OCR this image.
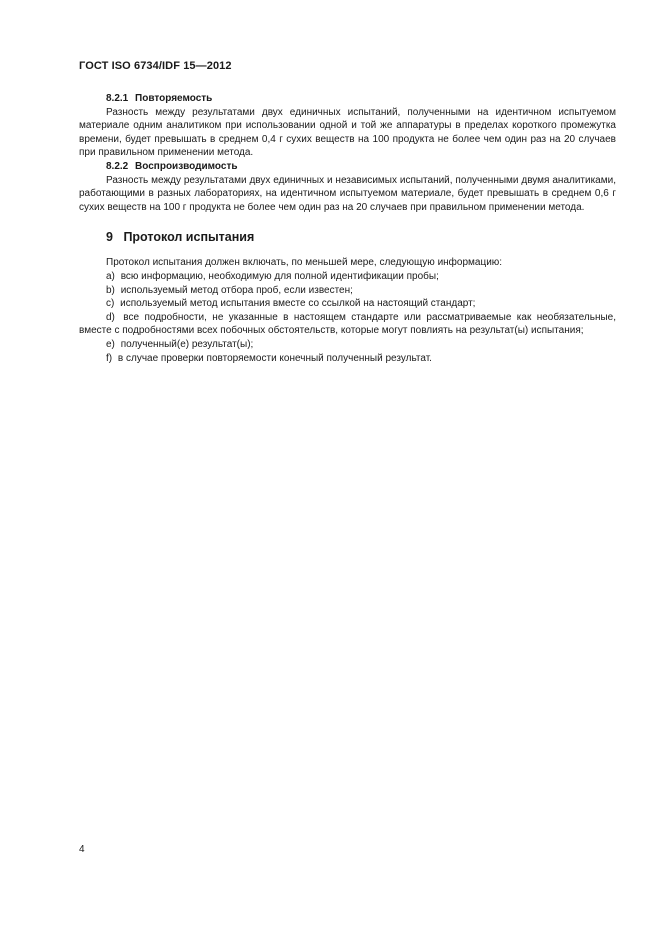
ГОСТ ISO 6734/IDF 15—2012

8.2.1 Повторяемость

Разность между результатами двух единичных испытаний, полученными на идентичном испытуемом материале одним аналитиком при использовании одной и той же аппаратуры в пределах короткого промежутка времени, будет превышать в среднем 0,4 г сухих веществ на 100 продукта не более чем один раз на 20 случаев при правильном применении метода.

8.2.2 Воспроизводимость

Разность между результатами двух единичных и независимых испытаний, полученными двумя аналитиками, работающими в разных лабораториях, на идентичном испытуемом материале, будет превышать в среднем 0,6 г сухих веществ на 100 г продукта не более чем один раз на 20 случаев при правильном применении метода.

9 Протокол испытания

Протокол испытания должен включать, по меньшей мере, следующую информацию:

a) всю информацию, необходимую для полной идентификации пробы;

b) используемый метод отбора проб, если известен;

c) используемый метод испытания вместе со ссылкой на настоящий стандарт;

d) все подробности, не указанные в настоящем стандарте или рассматриваемые как необязательные, вместе с подробностями всех побочных обстоятельств, которые могут повлиять на результат(ы) испытания;

e) полученный(е) результат(ы);

f) в случае проверки повторяемости конечный полученный результат.

4
